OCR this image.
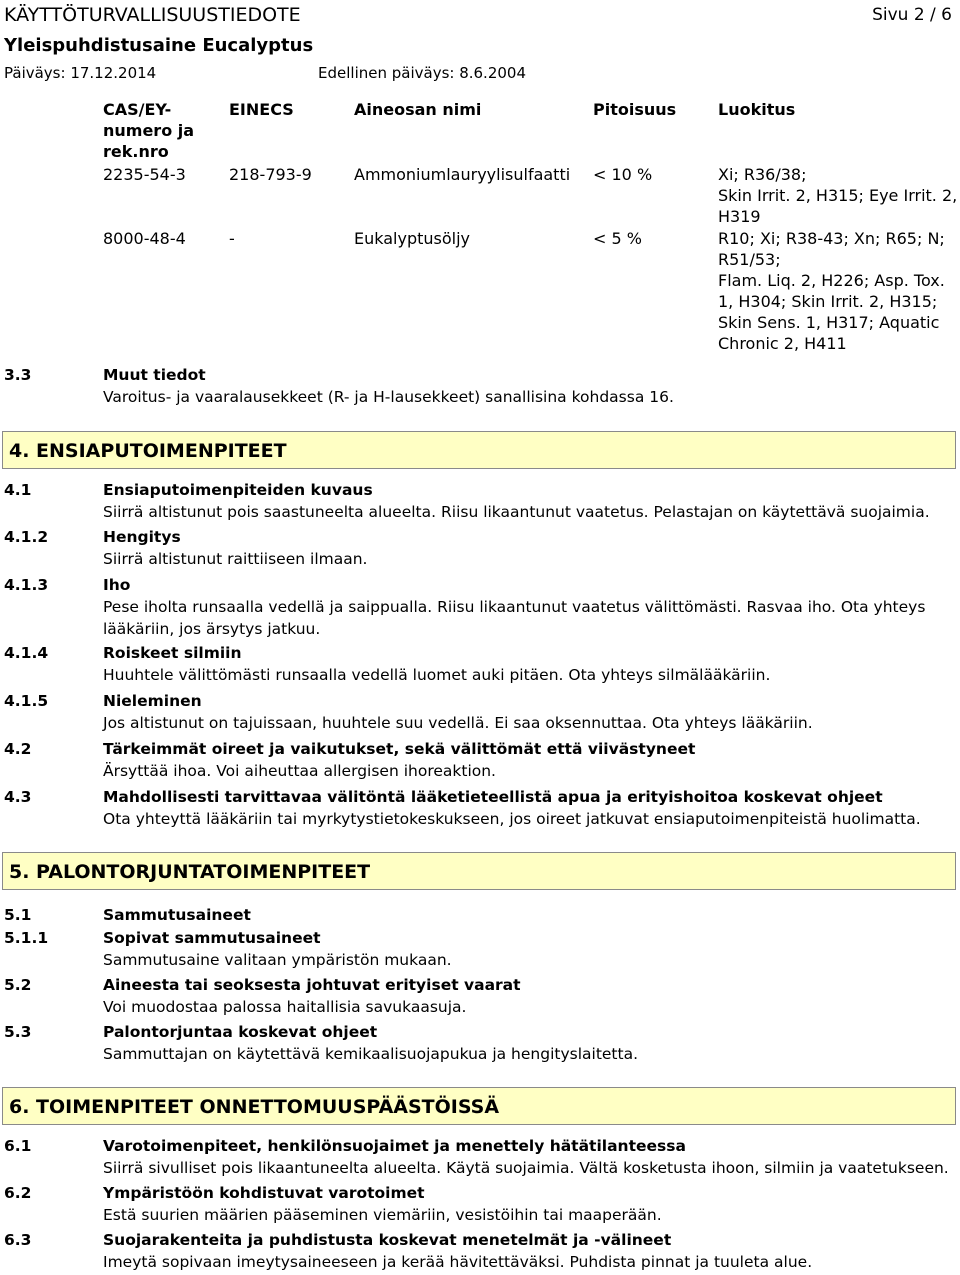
KÄYTTÖTURVALLISUUSTIEDOTE	Sivu 2 / 6
Yleispuhdistusaine Eucalyptus
Päiväys: 17.12.2014	Edellinen päiväys: 8.6.2004
CAS/EY-
numero ja
rek.nro
EINECS	Aineosan nimi	Pitoisuus	Luokitus
2235-54-3	218-793-9	Ammoniumlauryylisulfaatti < 10 %	Xi; R36/38;
Skin Irrit. 2, H315; Eye Irrit. 2,
H319
8000-48-4	-	Eukalyptusöljy	< 5 %	R10; Xi; R38-43; Xn; R65; N;
R51/53;
Flam. Liq. 2, H226; Asp. Tox.
1, H304; Skin Irrit. 2, H315;
Skin Sens. 1, H317; Aquatic
Chronic 2, H411
3.3	Muut tiedot
Varoitus- ja vaaralausekkeet (R- ja H-lausekkeet) sanallisina kohdassa 16.
4. ENSIAPUTOIMENPITEET
4.1	Ensiaputoimenpiteiden kuvaus
Siirrä altistunut pois saastuneelta alueelta. Riisu likaantunut vaatetus. Pelastajan on käytettävä suojaimia.
4.1.2	Hengitys
Siirrä altistunut raittiiseen ilmaan.
4.1.3	Iho
Pese iholta runsaalla vedellä ja saippualla. Riisu likaantunut vaatetus välittömästi. Rasvaa iho. Ota yhteys lääkäriin, jos ärsytys jatkuu.
4.1.4	Roiskeet silmiin
Huuhtele välittömästi runsaalla vedellä luomet auki pitäen. Ota yhteys silmälääkäriin.
4.1.5	Nieleminen
Jos altistunut on tajuissaan, huuhtele suu vedellä. Ei saa oksennuttaa. Ota yhteys lääkäriin.
4.2	Tärkeimmät oireet ja vaikutukset, sekä välittömät että viivästyneet
Ärsyttää ihoa. Voi aiheuttaa allergisen ihoreaktion.
4.3	Mahdollisesti tarvittavaa välitöntä lääketieteellistä apua ja erityishoitoa koskevat ohjeet
Ota yhteyttä lääkäriin tai myrkytystietokeskukseen, jos oireet jatkuvat ensiaputoimenpiteistä huolimatta.
5. PALONTORJUNTATOIMENPITEET
5.1	Sammutusaineet
5.1.1	Sopivat sammutusaineet
Sammutusaine valitaan ympäristön mukaan.
5.2	Aineesta tai seoksesta johtuvat erityiset vaarat
Voi muodostaa palossa haitallisia savukaasuja.
5.3	Palontorjuntaa koskevat ohjeet
Sammuttajan on käytettävä kemikaalisuojapukua ja hengityslaitetta.
6. TOIMENPITEET ONNETTOMUUSPÄÄSTÖISSÄ
6.1	Varotoimenpiteet, henkilönsuojaimet ja menettely hätätilanteessa
Siirrä sivulliset pois likaantuneelta alueelta. Käytä suojaimia. Vältä kosketusta ihoon, silmiin ja vaatetukseen.
6.2	Ympäristöön kohdistuvat varotoimet
Estä suurien määrien pääseminen viemäriin, vesistöihin tai maaperään.
6.3	Suojarakenteita ja puhdistusta koskevat menetelmät ja -välineet
Imeytä sopivaan imeytysaineeseen ja kerää hävitettäväksi. Puhdista pinnat ja tuuleta alue.
